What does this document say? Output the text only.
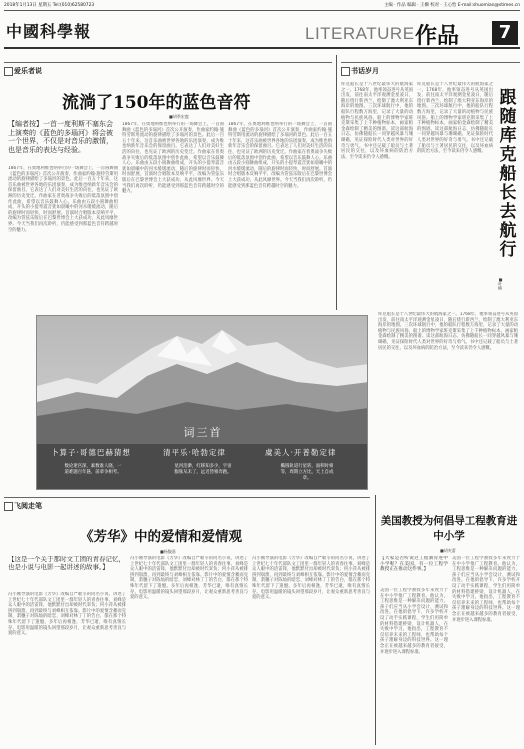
2018年1月13日 星期五 Tel:(010)62580723	主编 · 作品 编辑 · 王姗 校对 · 王心怡 E-mail:shuomian@stimes.cn
中國科學報	LITERATURE 作品	7
爱乐者说
流淌了150年的蓝色音符
■胡季宏鹿
【编者按】一首一度利斯不塞东会上演奏的《蓝色的多瑙河》将会被一个世界，不仅是对音乐的激情，也是音乐的表达与经验。
1867年，在奥地利维也纳举行的一场舞会上，一首圆舞曲《蓝色的多瑙河》首次公开演奏，作曲家约翰·施特劳斯用流动的旋律描绘了多瑙河的景色。此后一百五十年来，这首乐曲被世界各地的乐团演奏，成为维也纳新年音乐会的保留曲目。它表达了人们对美好生活的向往，也见证了欧洲的历史变迁。作曲家在普奥战争失败后的低落氛围中创作此曲，希望以音乐鼓舞人心。乐曲由五段小圆舞曲组成，开头的小提琴震音犹如晨曦中的河水缓缓流动，随后的旋律时而轻快，时而舒展。首演时合唱版本反响平平，改编为管弦乐版后在巴黎世博会上大获成功，从此风靡世界。今天当我们再次聆听，仍能感受到那蓝色音符跨越时空的魅力。
1867年，在奥地利维也纳举行的一场舞会上，一首圆舞曲《蓝色的多瑙河》首次公开演奏，作曲家约翰·施特劳斯用流动的旋律描绘了多瑙河的景色。此后一百五十年来，这首乐曲被世界各地的乐团演奏，成为维也纳新年音乐会的保留曲目。它表达了人们对美好生活的向往，也见证了欧洲的历史变迁。作曲家在普奥战争失败后的低落氛围中创作此曲，希望以音乐鼓舞人心。乐曲由五段小圆舞曲组成，开头的小提琴震音犹如晨曦中的河水缓缓流动，随后的旋律时而轻快，时而舒展。首演时合唱版本反响平平，改编为管弦乐版后在巴黎世博会上大获成功，从此风靡世界。今天当我们再次聆听，仍能感受到那蓝色音符跨越时空的魅力。
1867年，在奥地利维也纳举行的一场舞会上，一首圆舞曲《蓝色的多瑙河》首次公开演奏，作曲家约翰·施特劳斯用流动的旋律描绘了多瑙河的景色。此后一百五十年来，这首乐曲被世界各地的乐团演奏，成为维也纳新年音乐会的保留曲目。它表达了人们对美好生活的向往，也见证了欧洲的历史变迁。作曲家在普奥战争失败后的低落氛围中创作此曲，希望以音乐鼓舞人心。乐曲由五段小圆舞曲组成，开头的小提琴震音犹如晨曦中的河水缓缓流动，随后的旋律时而轻快，时而舒展。首演时合唱版本反响平平，改编为管弦乐版后在巴黎世博会上大获成功，从此风靡世界。今天当我们再次聆听，仍能感受到那蓝色音符跨越时空的魅力。
书话岁月
跟随库克船长去航行
■叶楠
库克船长是十八世纪最伟大的航海家之一。1768年，他率领奋进号从英国出发，前往南太平洋观测金星凌日，随后绕行新西兰，绘制了澳大利亚东海岸的地图。三次环球航行中，他的船队行程数万海里，记录了大量的动植物与民族风俗。船上的博物学家班克斯采集了上千种植物标本，画家帕金森绘制了精美的图谱。读这部航海日志，仿佛随船长一同穿越风暴与珊瑚礁，见证探险时代人类对世界的好奇与勇气。书中还记载了船员与土著居民的交往，以及坏血病的防治方法，至今读来仍令人感慨。
库克船长是十八世纪最伟大的航海家之一。1768年，他率领奋进号从英国出发，前往南太平洋观测金星凌日，随后绕行新西兰，绘制了澳大利亚东海岸的地图。三次环球航行中，他的船队行程数万海里，记录了大量的动植物与民族风俗。船上的博物学家班克斯采集了上千种植物标本，画家帕金森绘制了精美的图谱。读这部航海日志，仿佛随船长一同穿越风暴与珊瑚礁，见证探险时代人类对世界的好奇与勇气。书中还记载了船员与土著居民的交往，以及坏血病的防治方法，至今读来仍令人感慨。
库克船长是十八世纪最伟大的航海家之一。1768年，他率领奋进号从英国出发，前往南太平洋观测金星凌日，随后绕行新西兰，绘制了澳大利亚东海岸的地图。三次环球航行中，他的船队行程数万海里，记录了大量的动植物与民族风俗。船上的博物学家班克斯采集了上千种植物标本，画家帕金森绘制了精美的图谱。读这部航海日志，仿佛随船长一同穿越风暴与珊瑚礁，见证探险时代人类对世界的好奇与勇气。书中还记载了船员与土著居民的交往，以及坏血病的防治方法，至今读来仍令人感慨。
词三首
卜算子·哥德巴赫猜想	清平乐·哈勃定律	虞美人·开普勒定律
数论迷宫深，素数谁人晓，一道难题百年悬，前辈争相考。
星河浩渺，红移知多少，宇宙膨胀从未了，远近皆相奔跑。
椭圆轨道行星转，面积时相等，周期立方比，天上自成章。
飞阅走笔
《芳华》中的爱情和爱情观
■杨馥嘉
【这是一个关于那时文工团的青春记忆，也是小说与电影一起讲述的故事。】
冯小刚导演的电影《芳华》改编自严歌苓的同名小说，讲述了上世纪七十年代部队文工团里一群年轻人的青春往事。刘峰是众人眼中的活雷锋，他默默付出却被时代辜负；何小萍从被排挤到崩溃，再到最终与刘峰相互依靠。影片中的爱情含蓄而克制，萧穗子对陈灿的暗恋、刘峰对林丁丁的告白，都在那个特殊年代留下了遗憾。多年后再相逢，芳华已逝，唯有真情长存。电影用温暖的镜头回望那段岁月，让观众重新思考善良与爱的意义。
冯小刚导演的电影《芳华》改编自严歌苓的同名小说，讲述了上世纪七十年代部队文工团里一群年轻人的青春往事。刘峰是众人眼中的活雷锋，他默默付出却被时代辜负；何小萍从被排挤到崩溃，再到最终与刘峰相互依靠。影片中的爱情含蓄而克制，萧穗子对陈灿的暗恋、刘峰对林丁丁的告白，都在那个特殊年代留下了遗憾。多年后再相逢，芳华已逝，唯有真情长存。电影用温暖的镜头回望那段岁月，让观众重新思考善良与爱的意义。
冯小刚导演的电影《芳华》改编自严歌苓的同名小说，讲述了上世纪七十年代部队文工团里一群年轻人的青春往事。刘峰是众人眼中的活雷锋，他默默付出却被时代辜负；何小萍从被排挤到崩溃，再到最终与刘峰相互依靠。影片中的爱情含蓄而克制，萧穗子对陈灿的暗恋、刘峰对林丁丁的告白，都在那个特殊年代留下了遗憾。多年后再相逢，芳华已逝，唯有真情长存。电影用温暖的镜头回望那段岁月，让观众重新思考善良与爱的意义。
美国教授为何倡导工程教育进中小学
■胡麦蕾
【大家是否听说过工程教育进中小学呢？在美国，有一位工程学教授正在推动这件事。】
美国一位工程学教授多年来致力于在中小学推广工程教育。他认为，工程思维是一种解决问题的能力，孩子们应当从小学会设计、测试和改进。在他的倡导下，许多学校开设了动手实践课程，学生们用简单的材料搭建桥梁、设计机器人，在失败中学习。他指出，工程教育不仅培养未来的工程师，也帮助每个孩子理解身边的科技世界。这一理念正在被越来越多的教育者接受，并逐步进入课程标准。
美国一位工程学教授多年来致力于在中小学推广工程教育。他认为，工程思维是一种解决问题的能力，孩子们应当从小学会设计、测试和改进。在他的倡导下，许多学校开设了动手实践课程，学生们用简单的材料搭建桥梁、设计机器人，在失败中学习。他指出，工程教育不仅培养未来的工程师，也帮助每个孩子理解身边的科技世界。这一理念正在被越来越多的教育者接受，并逐步进入课程标准。
